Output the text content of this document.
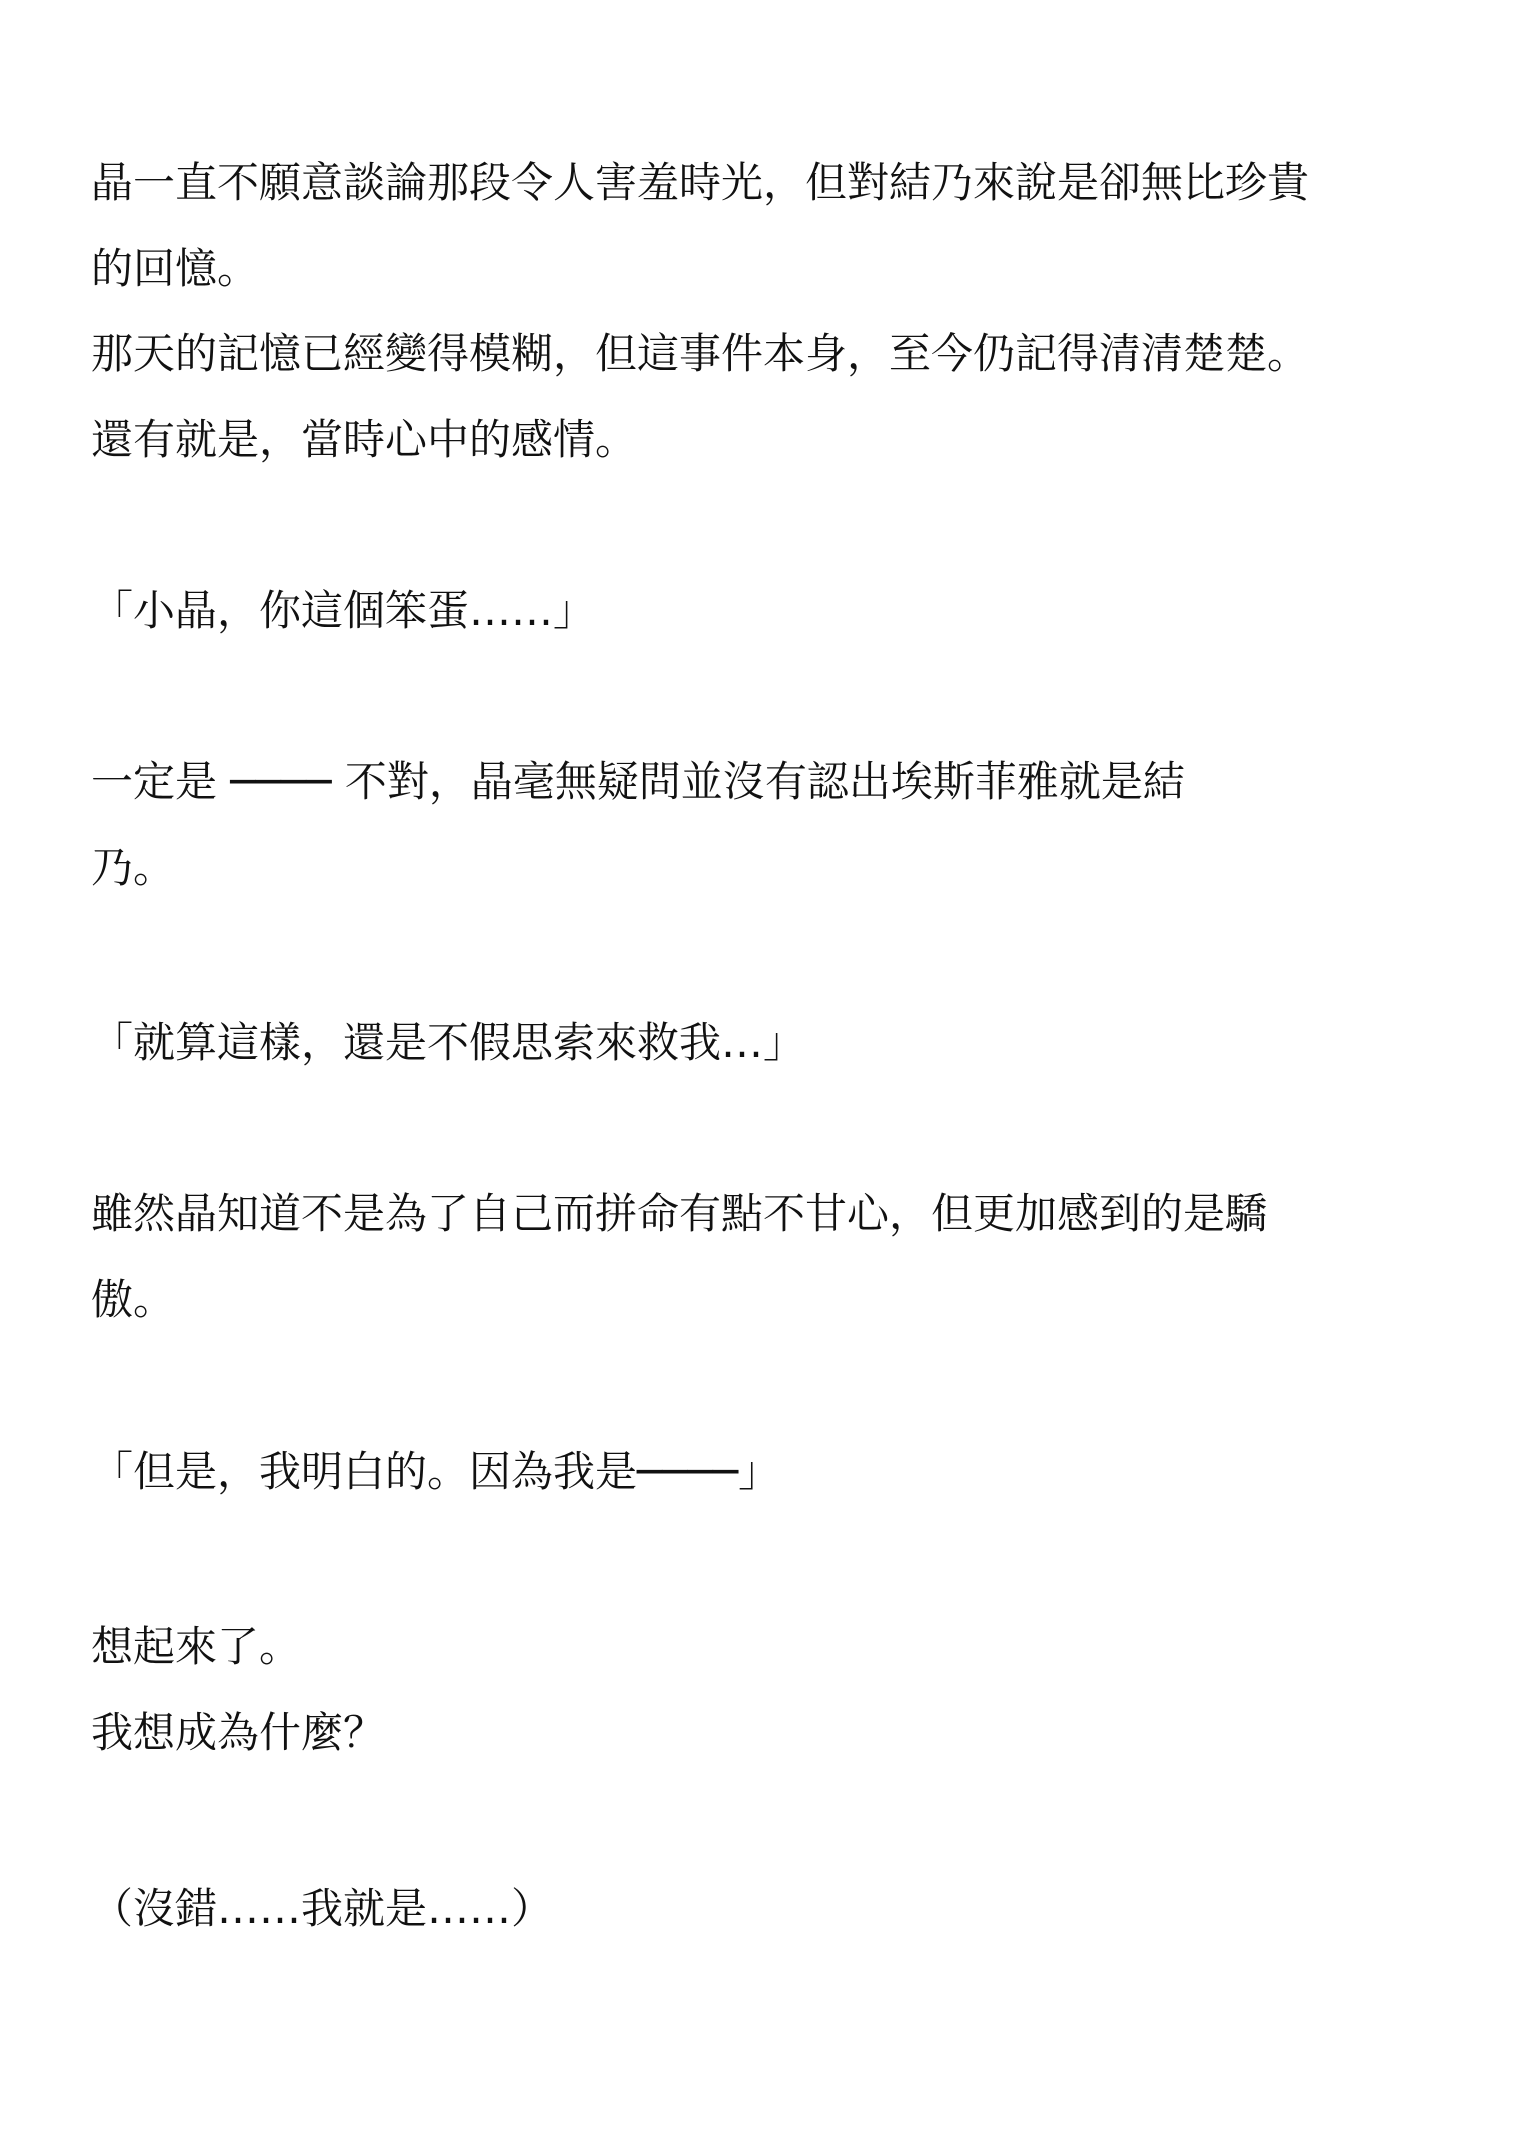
晶一直不願意談論那段令人害羞時光，但對結乃來說是卻無比珍貴

的回憶。

那天的記憶已經變得模糊，但這事件本身，至今仍記得清清楚楚。

還有就是，當時心中的感情。

「小晶，你這個笨蛋……」

一定是 ──── 不對，晶毫無疑問並沒有認出埃斯菲雅就是結

乃。

「就算這樣，還是不假思索來救我…」

雖然晶知道不是為了自己而拼命有點不甘心，但更加感到的是驕

傲。

「但是，我明白的。因為我是────」

想起來了。

我想成為什麼？

（沒錯……我就是……）
